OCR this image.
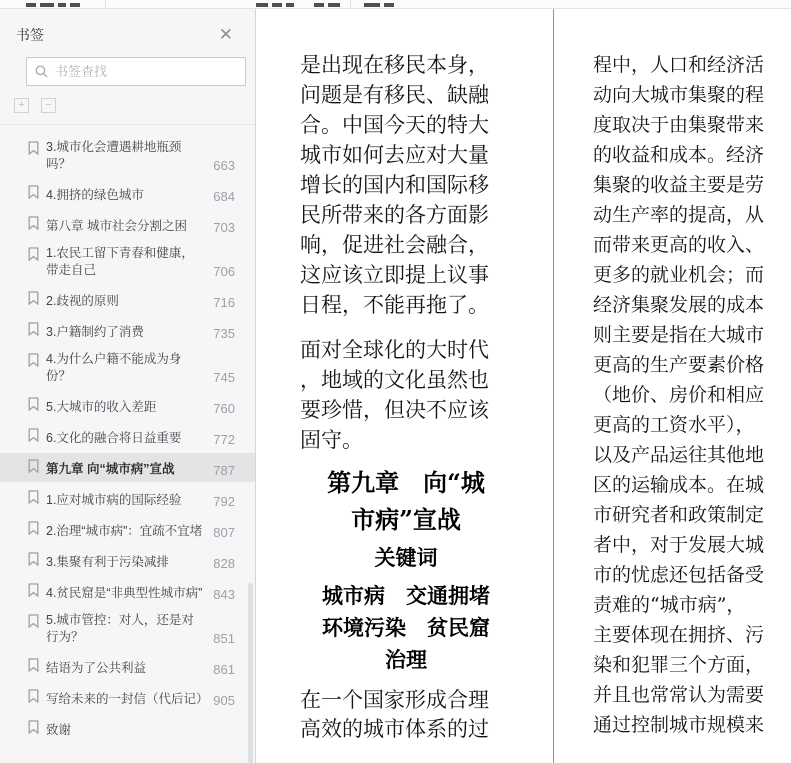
书签	✕
书签查找
+	−
3.城市化会遭遇耕地瓶颈吗？	663
4.拥挤的绿色城市	684
第八章 城市社会分割之困	703
1.农民工留下青春和健康，带走自己	706
2.歧视的原则	716
3.户籍制约了消费	735
4.为什么户籍不能成为身份？	745
5.大城市的收入差距	760
6.文化的融合将日益重要	772
第九章 向“城市病”宣战	787
1.应对城市病的国际经验	792
2.治理“城市病”：宜疏不宜堵 807
3.集聚有利于污染减排	828
4.贫民窟是“非典型性城市病” 843
5.城市管控：对人，还是对行为？	851
结语为了公共利益	861
写给未来的一封信（代后记） 905
致谢
是出现在移民本身，
问题是有移民、缺融
合。中国今天的特大
城市如何去应对大量
增长的国内和国际移
民所带来的各方面影
响，促进社会融合，
这应该立即提上议事
日程，不能再拖了。
面对全球化的大时代
，地域的文化虽然也
要珍惜，但决不应该
固守。
第九章　向“城
市病”宣战
关键词
城市病　交通拥堵
环境污染　贫民窟
治理
在一个国家形成合理
高效的城市体系的过
程中，人口和经济活
动向大城市集聚的程
度取决于由集聚带来
的收益和成本。经济
集聚的收益主要是劳
动生产率的提高，从
而带来更高的收入、
更多的就业机会；而
经济集聚发展的成本
则主要是指在大城市
更高的生产要素价格
（地价、房价和相应
更高的工资水平），
以及产品运往其他地
区的运输成本。在城
市研究者和政策制定
者中，对于发展大城
市的忧虑还包括备受
责难的“城市病”，
主要体现在拥挤、污
染和犯罪三个方面，
并且也常常认为需要
通过控制城市规模来
